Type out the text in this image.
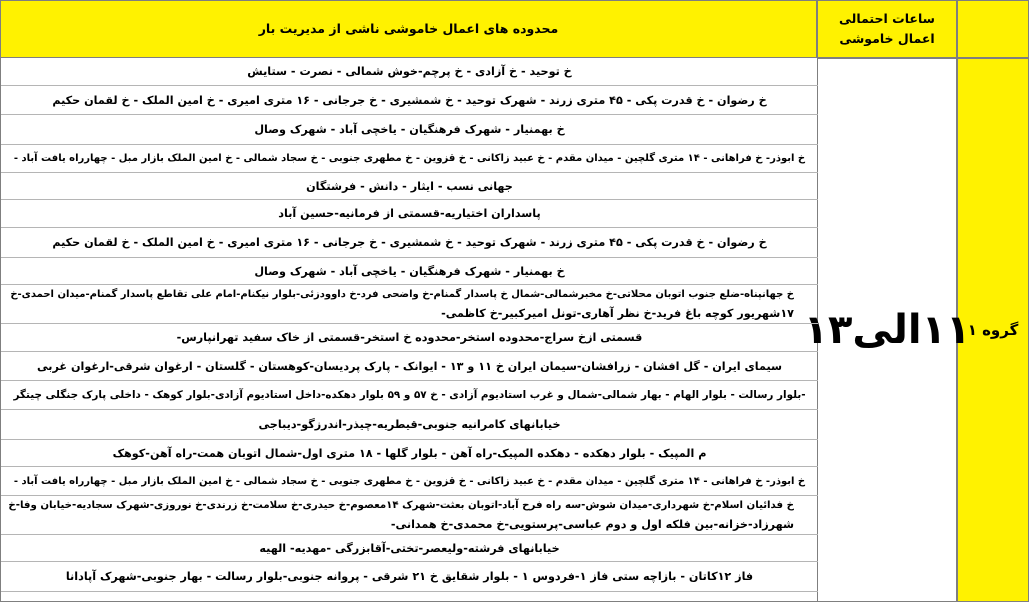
ساعات احتمالی اعمال خاموشی
محدوده های اعمال خاموشی ناشی از مدیریت بار
گروه ۱
۱۱الی۱۳
خ توحید - خ آزادی - خ پرچم-خوش شمالی - نصرت - ستایش
خ رضوان - خ قدرت پکی - ۴۵ متری زرند - شهرک توحید - خ شمشیری - خ جرجانی - ۱۶ متری امیری - خ امین الملک - خ لقمان حکیم
خ بهمنیار - شهرک فرهنگیان - یاخچی آباد - شهرک وصال
خ ابوذر- خ فراهانی - ۱۴ متری گلچین - میدان مقدم - خ عبید زاکانی - خ قزوین - خ مطهری جنوبی - خ سجاد شمالی - خ امین الملک بازار مبل - چهارراه یافت آباد -
جهانی نسب - ایثار - دانش - فرشتگان
پاسداران اختیاریه-قسمتی از فرمانیه-حسین آباد
خ رضوان - خ قدرت پکی - ۴۵ متری زرند - شهرک توحید - خ شمشیری - خ جرجانی - ۱۶ متری امیری - خ امین الملک - خ لقمان حکیم
خ بهمنیار - شهرک فرهنگیان - یاخچی آباد - شهرک وصال
خ جهانپناه-ضلع جنوب اتوبان محلاتی-خ مخبرشمالی-شمال خ پاسدار گمنام-خ واضحی فرد-خ داوودزئی-بلوار نیکنام-امام علی تقاطع پاسدار گمنام-میدان احمدی-خ
۱۷شهریور کوچه باغ فرید-خ نظر آهاری-تونل امیرکبیر-خ کاظمی-
قسمتی ازخ سراج-محدوده استخر-محدوده خ استخر-قسمتی از خاک سفید تهرانپارس-
سیمای ایران - گل افشان - زرافشان-سیمان ایران خ ۱۱ و ۱۳ - ایوانک - پارک پردیسان-کوهستان - گلستان - ارغوان شرقی-ارغوان غربی
-بلوار رسالت - بلوار الهام - بهار شمالی-شمال و غرب استادیوم آزادی - خ ۵۷ و ۵۹ بلوار دهکده-داخل استادیوم آزادی-بلوار کوهک - داخلی پارک جنگلی چیتگر
خیابانهای کامرانیه جنوبی-قیطریه-چیذر-اندرزگو-دیباجی
م المپیک - بلوار دهکده - دهکده المپیک-راه آهن - بلوار گلها - ۱۸ متری اول-شمال اتوبان همت-راه آهن-کوهک
خ ابوذر- خ فراهانی - ۱۴ متری گلچین - میدان مقدم - خ عبید زاکانی - خ قزوین - خ مطهری جنوبی - خ سجاد شمالی - خ امین الملک بازار مبل - چهارراه یافت آباد -
خ فدائیان اسلام-خ شهرداری-میدان شوش-سه راه فرح آباد-اتوبان بعثت-شهرک ۱۴معصوم-خ حیدری-خ سلامت-خ زرندی-خ نوروزی-شهرک سجادیه-خیابان وفا-خ
شهرزاد-خزانه-بین فلکه اول و دوم عباسی-پرستویی-خ محمدی-خ همدانی-
خیابانهای فرشته-ولیعصر-تختی-آقابزرگی -مهدیه- الهیه
فاز ۱۲کاتان - بازاچه ستی فاز ۱-فردوس ۱ - بلوار شقایق خ ۲۱ شرقی - پروانه جنوبی-بلوار رسالت - بهار جنوبی-شهرک آپادانا
